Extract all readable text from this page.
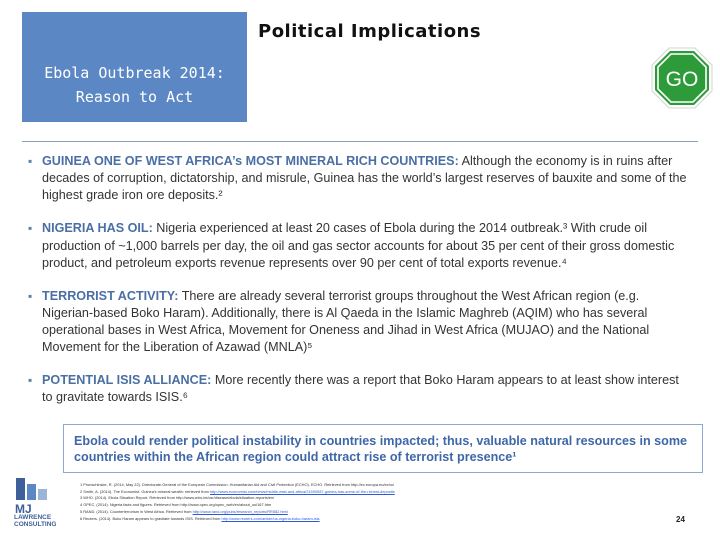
Ebola Outbreak 2014:
Reason to Act
Political Implications
GO
▪ GUINEA ONE OF WEST AFRICA’s MOST MINERAL RICH COUNTRIES: Although the economy is in ruins after decades of corruption, dictatorship, and misrule, Guinea has the world’s largest reserves of bauxite and some of the highest grade iron ore deposits.²
▪ NIGERIA HAS OIL: Nigeria experienced at least 20 cases of Ebola during the 2014 outbreak.³ With crude oil production of ~1,000 barrels per day, the oil and gas sector accounts for about 35 per cent of their gross domestic product, and petroleum exports revenue represents over 90 per cent of total exports revenue.⁴
▪ TERRORIST ACTIVITY: There are already several terrorist groups throughout the West African region (e.g. Nigerian-based Boko Haram). Additionally, there is Al Qaeda in the Islamic Maghreb (AQIM) who has several operational bases in West Africa, Movement for Oneness and Jihad in West Africa (MUJAO) and the National Movement for the Liberation of Azawad (MNLA)⁵
▪ POTENTIAL ISIS ALLIANCE: More recently there was a report that Boko Haram appears to at least show interest to gravitate towards ISIS.⁶
Ebola could render political instability in countries impacted; thus, valuable natural resources in some countries within the African region could attract rise of terrorist presence¹
MJ
LAWRENCE CONSULTING
1 Pronschinske, R. (2014, May 22). Directorate-General of the European Commission. Humanitarian Aid and Civil Protection (ECHO). ECHO. Retrieved from http://ec.europa.eu/echo/
2 Smith, A. (2014). The Economist. Guinea's mineral wealth: retrieved from http://www.economist.com/news/middle-east-and-africa/21590587-guinea-has-some-of-the-richest-deposits
3 WHO. (2014). Ebola Situation Report. Retrieved from http://www.who.int/csr/disease/ebola/situation-reports/en/
4 OPEC. (2014). Nigeria facts and figures. Retrieved from http://www.opec.org/opec_web/en/about_us/167.htm
5 RAND. (2014). Counterterrorism in West Africa. Retrieved from http://www.rand.org/pubs/research_reports/RR582.html
6 Reuters. (2014). Boko Haram appears to gravitate towards ISIS. Retrieved from http://www.reuters.com/article/us-nigeria-boko-haram-isis	24
